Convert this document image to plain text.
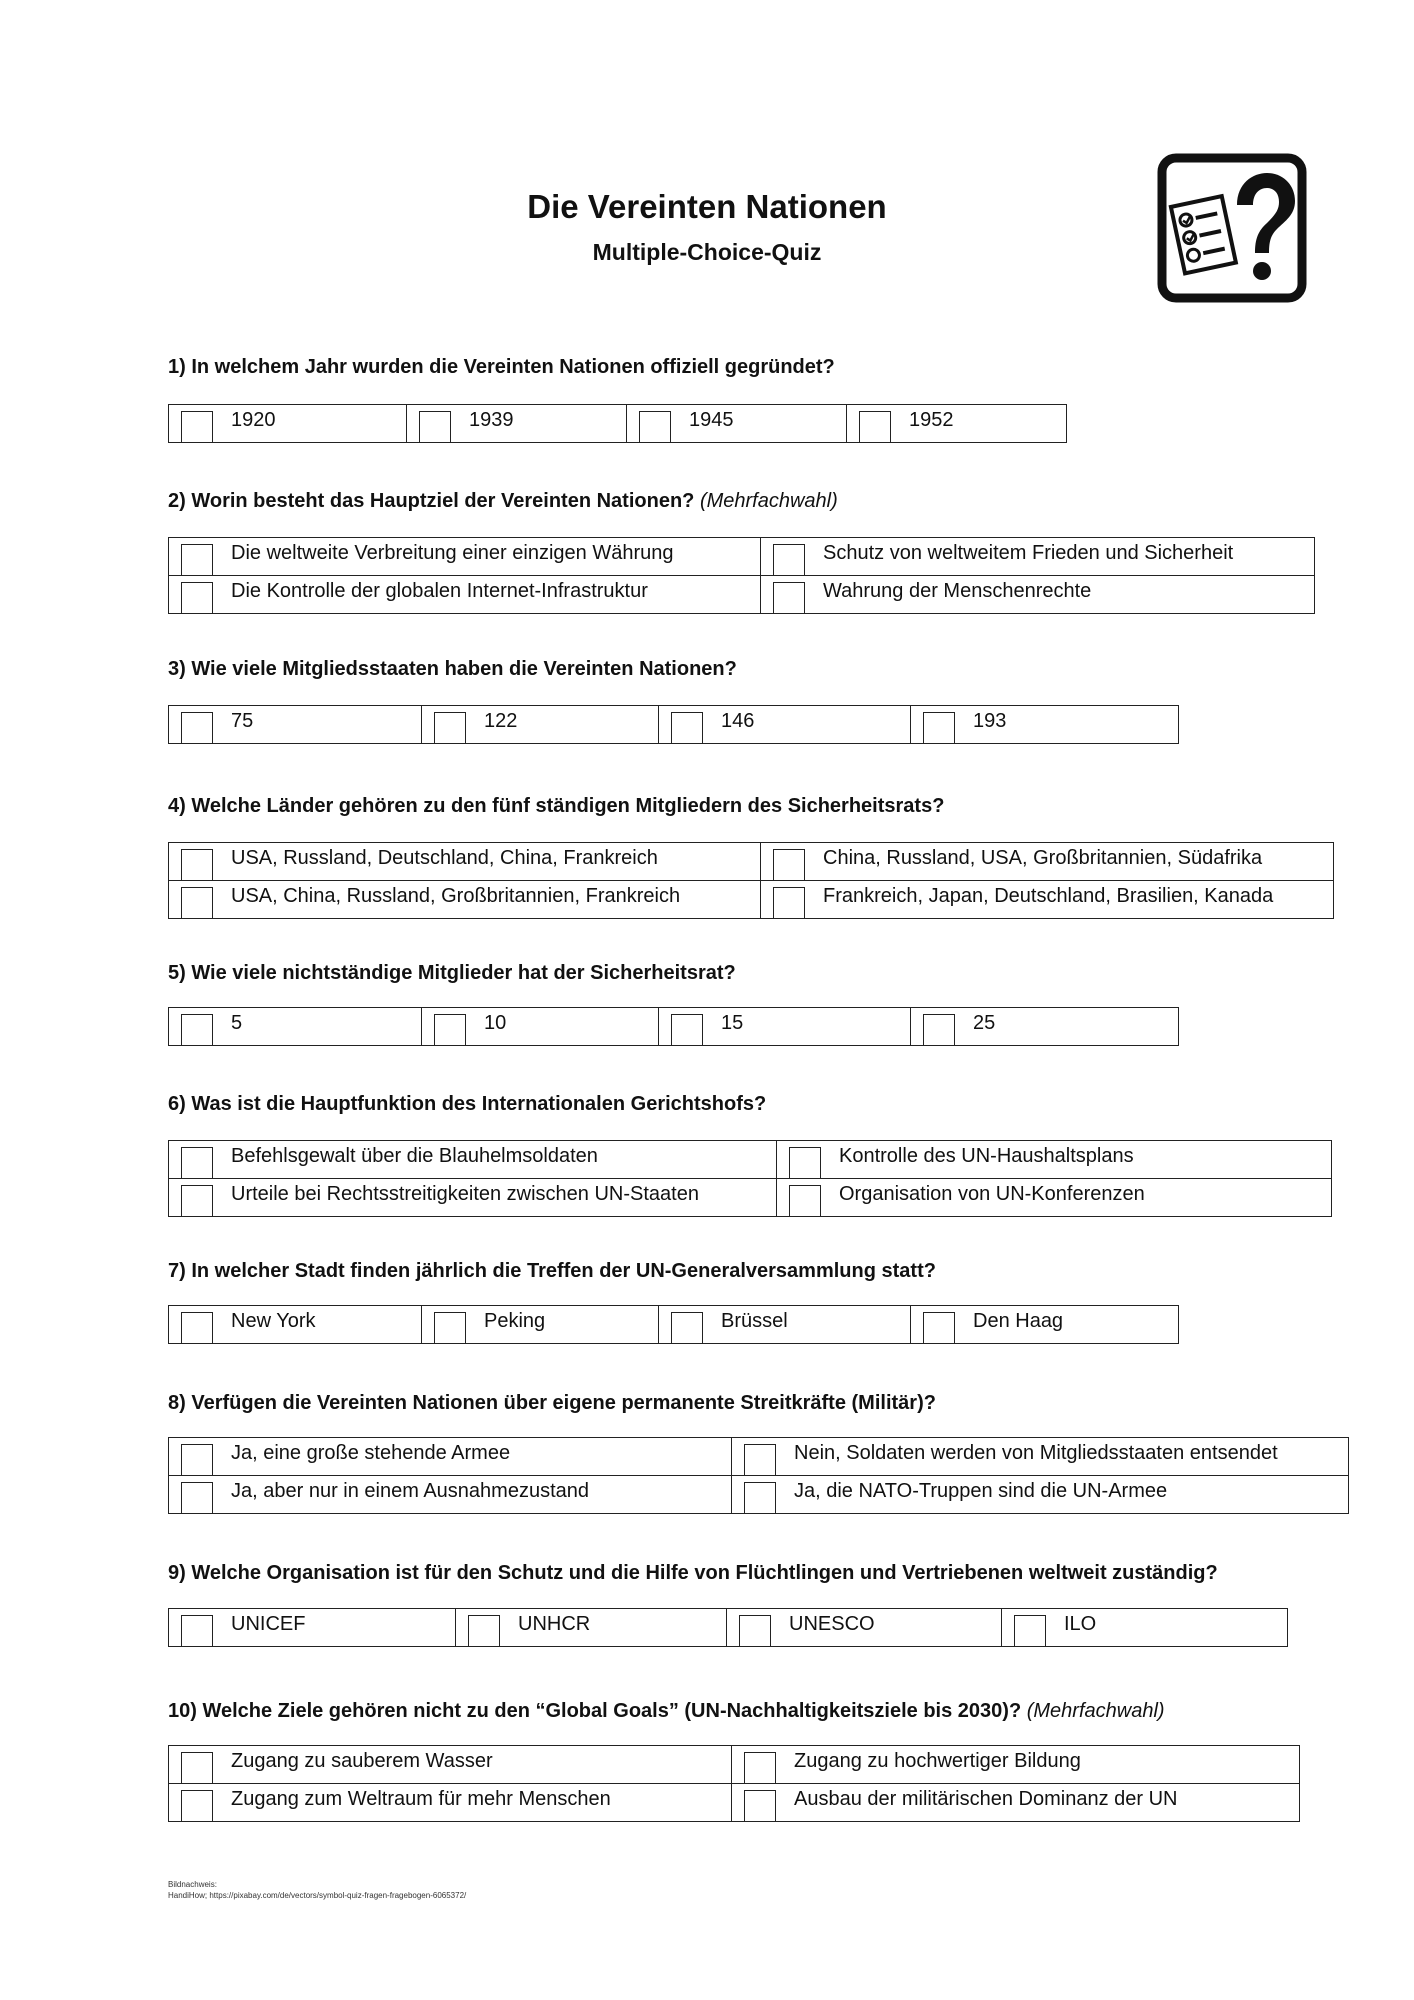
Die Vereinten Nationen
Multiple-Choice-Quiz
1) In welchem Jahr wurden die Vereinten Nationen offiziell gegründet?
1920	1939	1945	1952
2) Worin besteht das Hauptziel der Vereinten Nationen? (Mehrfachwahl)
Die weltweite Verbreitung einer einzigen Währung	Schutz von weltweitem Frieden und Sicherheit

Die Kontrolle der globalen Internet-Infrastruktur	Wahrung der Menschenrechte
3) Wie viele Mitgliedsstaaten haben die Vereinten Nationen?
75	122	146	193
4) Welche Länder gehören zu den fünf ständigen Mitgliedern des Sicherheitsrats?
USA, Russland, Deutschland, China, Frankreich	China, Russland, USA, Großbritannien, Südafrika

USA, China, Russland, Großbritannien, Frankreich	Frankreich, Japan, Deutschland, Brasilien, Kanada
5) Wie viele nichtständige Mitglieder hat der Sicherheitsrat?
5	10	15	25
6) Was ist die Hauptfunktion des Internationalen Gerichtshofs?
Befehlsgewalt über die Blauhelmsoldaten	Kontrolle des UN-Haushaltsplans

Urteile bei Rechtsstreitigkeiten zwischen UN-Staaten	Organisation von UN-Konferenzen
7) In welcher Stadt finden jährlich die Treffen der UN-Generalversammlung statt?
New York	Peking	Brüssel	Den Haag
8) Verfügen die Vereinten Nationen über eigene permanente Streitkräfte (Militär)?
Ja, eine große stehende Armee	Nein, Soldaten werden von Mitgliedsstaaten entsendet

Ja, aber nur in einem Ausnahmezustand	Ja, die NATO-Truppen sind die UN-Armee
9) Welche Organisation ist für den Schutz und die Hilfe von Flüchtlingen und Vertriebenen weltweit zuständig?
UNICEF	UNHCR	UNESCO	ILO
10) Welche Ziele gehören nicht zu den “Global Goals” (UN-Nachhaltigkeitsziele bis 2030)? (Mehrfachwahl)
Zugang zu sauberem Wasser	Zugang zu hochwertiger Bildung

Zugang zum Weltraum für mehr Menschen	Ausbau der militärischen Dominanz der UN
Bildnachweis:
HandiHow; https://pixabay.com/de/vectors/symbol-quiz-fragen-fragebogen-6065372/
